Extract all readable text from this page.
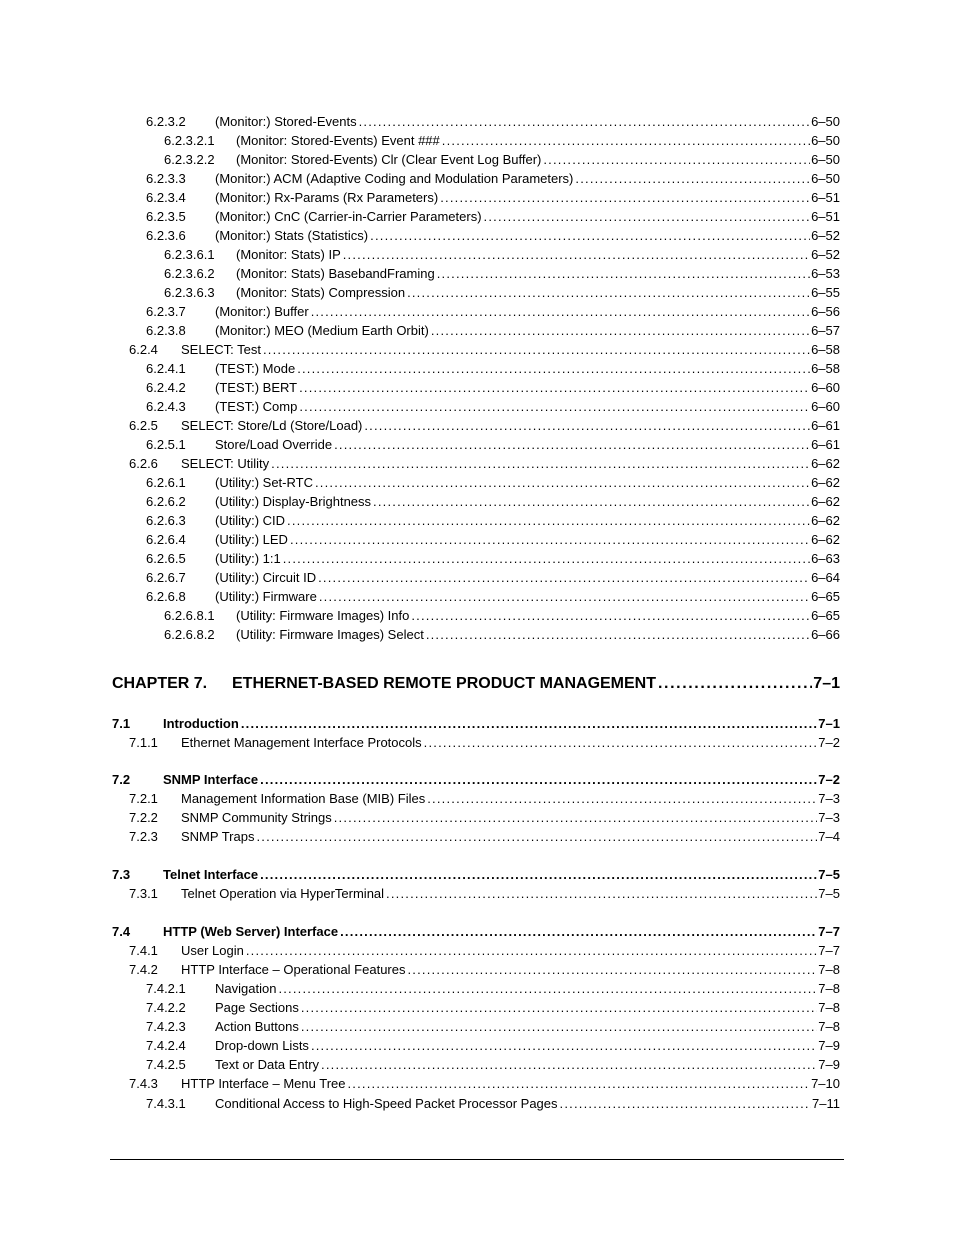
6.2.3.2 (Monitor:) Stored-Events .....	6–50
6.2.3.2.1 (Monitor: Stored-Events) Event ### .....	6–50
6.2.3.2.2 (Monitor: Stored-Events) Clr (Clear Event Log Buffer) .....	6–50
6.2.3.3 (Monitor:) ACM (Adaptive Coding and Modulation Parameters) .....	6–50
6.2.3.4 (Monitor:) Rx-Params (Rx Parameters) .....	6–51
6.2.3.5 (Monitor:) CnC (Carrier-in-Carrier Parameters) .....	6–51
6.2.3.6 (Monitor:) Stats (Statistics) .....	6–52
6.2.3.6.1 (Monitor: Stats) IP .....	6–52
6.2.3.6.2 (Monitor: Stats) BasebandFraming .....	6–53
6.2.3.6.3 (Monitor: Stats) Compression .....	6–55
6.2.3.7 (Monitor:) Buffer .....	6–56
6.2.3.8 (Monitor:) MEO (Medium Earth Orbit) .....	6–57
6.2.4 SELECT: Test .....	6–58
6.2.4.1 (TEST:) Mode .....	6–58
6.2.4.2 (TEST:) BERT .....	6–60
6.2.4.3 (TEST:) Comp .....	6–60
6.2.5 SELECT: Store/Ld (Store/Load) .....	6–61
6.2.5.1 Store/Load Override .....	6–61
6.2.6 SELECT: Utility .....	6–62
6.2.6.1 (Utility:) Set-RTC .....	6–62
6.2.6.2 (Utility:) Display-Brightness .....	6–62
6.2.6.3 (Utility:) CID .....	6–62
6.2.6.4 (Utility:) LED .....	6–62
6.2.6.5 (Utility:) 1:1 .....	6–63
6.2.6.7 (Utility:) Circuit ID .....	6–64
6.2.6.8 (Utility:) Firmware .....	6–65
6.2.6.8.1 (Utility: Firmware Images) Info .....	6–65
6.2.6.8.2 (Utility: Firmware Images) Select .....	6–66
CHAPTER 7. ETHERNET-BASED REMOTE PRODUCT MANAGEMENT .....	7–1
7.1	Introduction .....	7–1
7.1.1 Ethernet Management Interface Protocols .....	7–2
7.2	SNMP Interface .....	7–2
7.2.1 Management Information Base (MIB) Files .....	7–3
7.2.2 SNMP Community Strings .....	7–3
7.2.3 SNMP Traps .....	7–4
7.3	Telnet Interface .....	7–5
7.3.1 Telnet Operation via HyperTerminal .....	7–5
7.4	HTTP (Web Server) Interface .....	7–7
7.4.1 User Login .....	7–7
7.4.2 HTTP Interface – Operational Features .....	7–8
7.4.2.1 Navigation .....	7–8
7.4.2.2 Page Sections .....	7–8
7.4.2.3 Action Buttons .....	7–8
7.4.2.4 Drop-down Lists .....	7–9
7.4.2.5 Text or Data Entry .....	7–9
7.4.3 HTTP Interface – Menu Tree .....	7–10
7.4.3.1 Conditional Access to High-Speed Packet Processor Pages .....	7–11
